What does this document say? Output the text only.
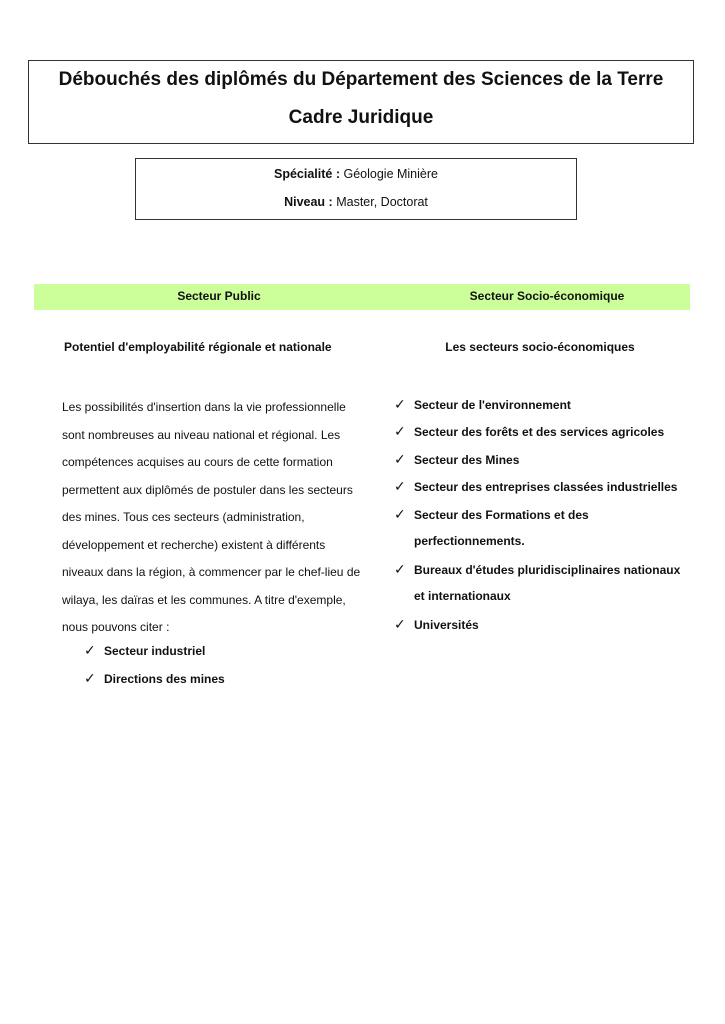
Débouchés des diplômés du Département des Sciences de la Terre
Cadre Juridique
Spécialité : Géologie Minière
Niveau : Master, Doctorat
Secteur Public	Secteur Socio-économique
Potentiel d'employabilité régionale et nationale
Les possibilités d'insertion dans la vie professionnelle
sont nombreuses au niveau national et régional. Les
compétences acquises au cours de cette formation
permettent aux diplômés de postuler dans les secteurs
des mines. Tous ces secteurs (administration,
développement et recherche) existent à différents
niveaux dans la région, à commencer par le chef-lieu de
wilaya, les daïras et les communes. A titre d'exemple,
nous pouvons citer :
✓ Secteur industriel
✓ Directions des mines
Les secteurs socio-économiques
✓ Secteur de l'environnement
✓ Secteur des forêts et des services agricoles
✓ Secteur des Mines
✓ Secteur des entreprises classées industrielles
✓ Secteur des Formations et des
perfectionnements.
✓ Bureaux d'études pluridisciplinaires nationaux
et internationaux
✓ Universités
